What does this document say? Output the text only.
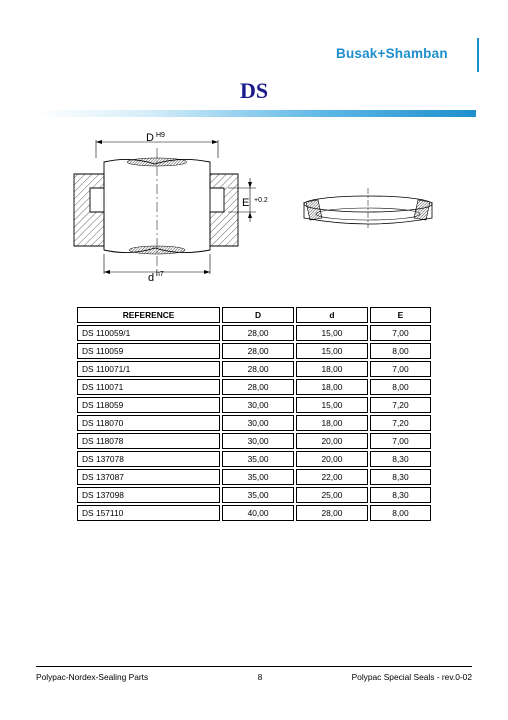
Busak+Shamban
DS
D H9
d h7
E +0.2
REFERENCE	D	d	E
DS 110059/1	28,00	15,00	7,00
DS 110059	28,00	15,00	8,00
DS 110071/1	28,00	18,00	7,00
DS 110071	28,00	18,00	8,00
DS 118059	30,00	15,00	7,20
DS 118070	30,00	18,00	7,20
DS 118078	30,00	20,00	7,00
DS 137078	35,00	20,00	8,30
DS 137087	35,00	22,00	8,30
DS 137098	35,00	25,00	8,30
DS 157110	40,00	28,00	8,00
Polypac-Nordex-Sealing Parts	8	Polypac Special Seals - rev.0-02
